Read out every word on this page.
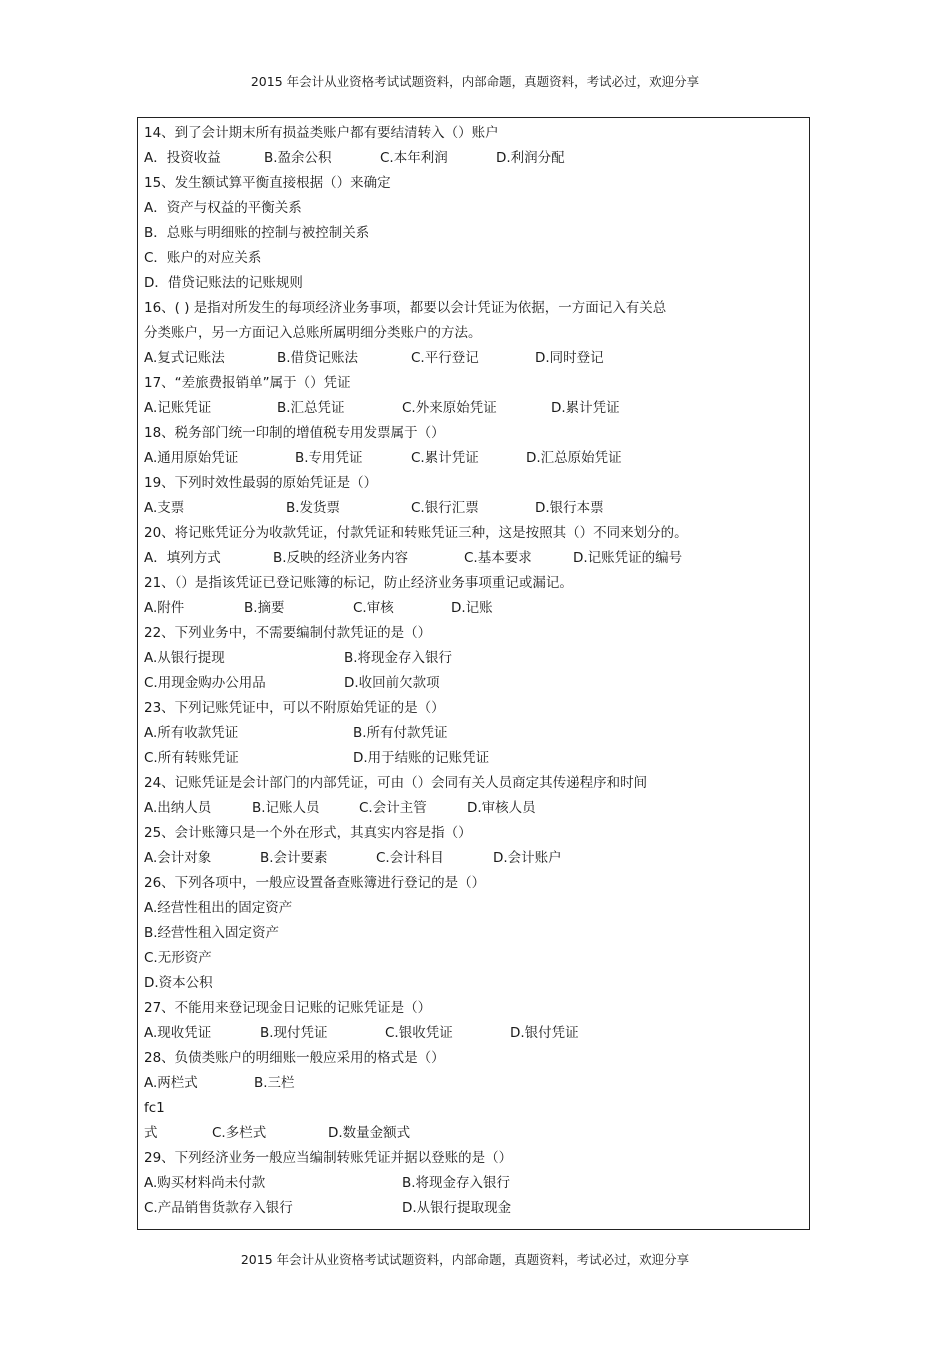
2015 年会计从业资格考试试题资料，内部命题，真题资料，考试必过，欢迎分享
14、到了会计期末所有损益类账户都有要结清转入（）账户
A．投资收益	B.盈余公积	C.本年利润	D.利润分配
15、发生额试算平衡直接根据（）来确定
A．资产与权益的平衡关系
B．总账与明细账的控制与被控制关系
C．账户的对应关系
D．借贷记账法的记账规则
16、( ) 是指对所发生的每项经济业务事项，都要以会计凭证为依据，一方面记入有关总
分类账户，另一方面记入总账所属明细分类账户的方法。
A.复式记账法	B.借贷记账法	C.平行登记	D.同时登记
17、“差旅费报销单”属于（）凭证
A.记账凭证	B.汇总凭证	C.外来原始凭证	D.累计凭证
18、税务部门统一印制的增值税专用发票属于（）
A.通用原始凭证	B.专用凭证	C.累计凭证	D.汇总原始凭证
19、下列时效性最弱的原始凭证是（）
A.支票	B.发货票	C.银行汇票	D.银行本票
20、将记账凭证分为收款凭证，付款凭证和转账凭证三种，这是按照其（）不同来划分的。
A．填列方式	B.反映的经济业务内容	C.基本要求	D.记账凭证的编号
21、（）是指该凭证已登记账簿的标记，防止经济业务事项重记或漏记。
A.附件	B.摘要	C.审核	D.记账
22、下列业务中，不需要编制付款凭证的是（）
A.从银行提现	B.将现金存入银行
C.用现金购办公用品	D.收回前欠款项
23、下列记账凭证中，可以不附原始凭证的是（）
A.所有收款凭证	B.所有付款凭证
C.所有转账凭证	D.用于结账的记账凭证
24、记账凭证是会计部门的内部凭证，可由（）会同有关人员商定其传递程序和时间
A.出纳人员	B.记账人员	C.会计主管	D.审核人员
25、会计账簿只是一个外在形式，其真实内容是指（）
A.会计对象	B.会计要素	C.会计科目	D.会计账户
26、下列各项中，一般应设置备查账簿进行登记的是（）
A.经营性租出的固定资产
B.经营性租入固定资产
C.无形资产
D.资本公积
27、不能用来登记现金日记账的记账凭证是（）
A.现收凭证	B.现付凭证	C.银收凭证	D.银付凭证
28、负债类账户的明细账一般应采用的格式是（）
A.两栏式	B.三栏
fc1
式	C.多栏式	D.数量金额式
29、下列经济业务一般应当编制转账凭证并据以登账的是（）
A.购买材料尚未付款	B.将现金存入银行
C.产品销售货款存入银行	D.从银行提取现金
2015 年会计从业资格考试试题资料，内部命题，真题资料，考试必过，欢迎分享
